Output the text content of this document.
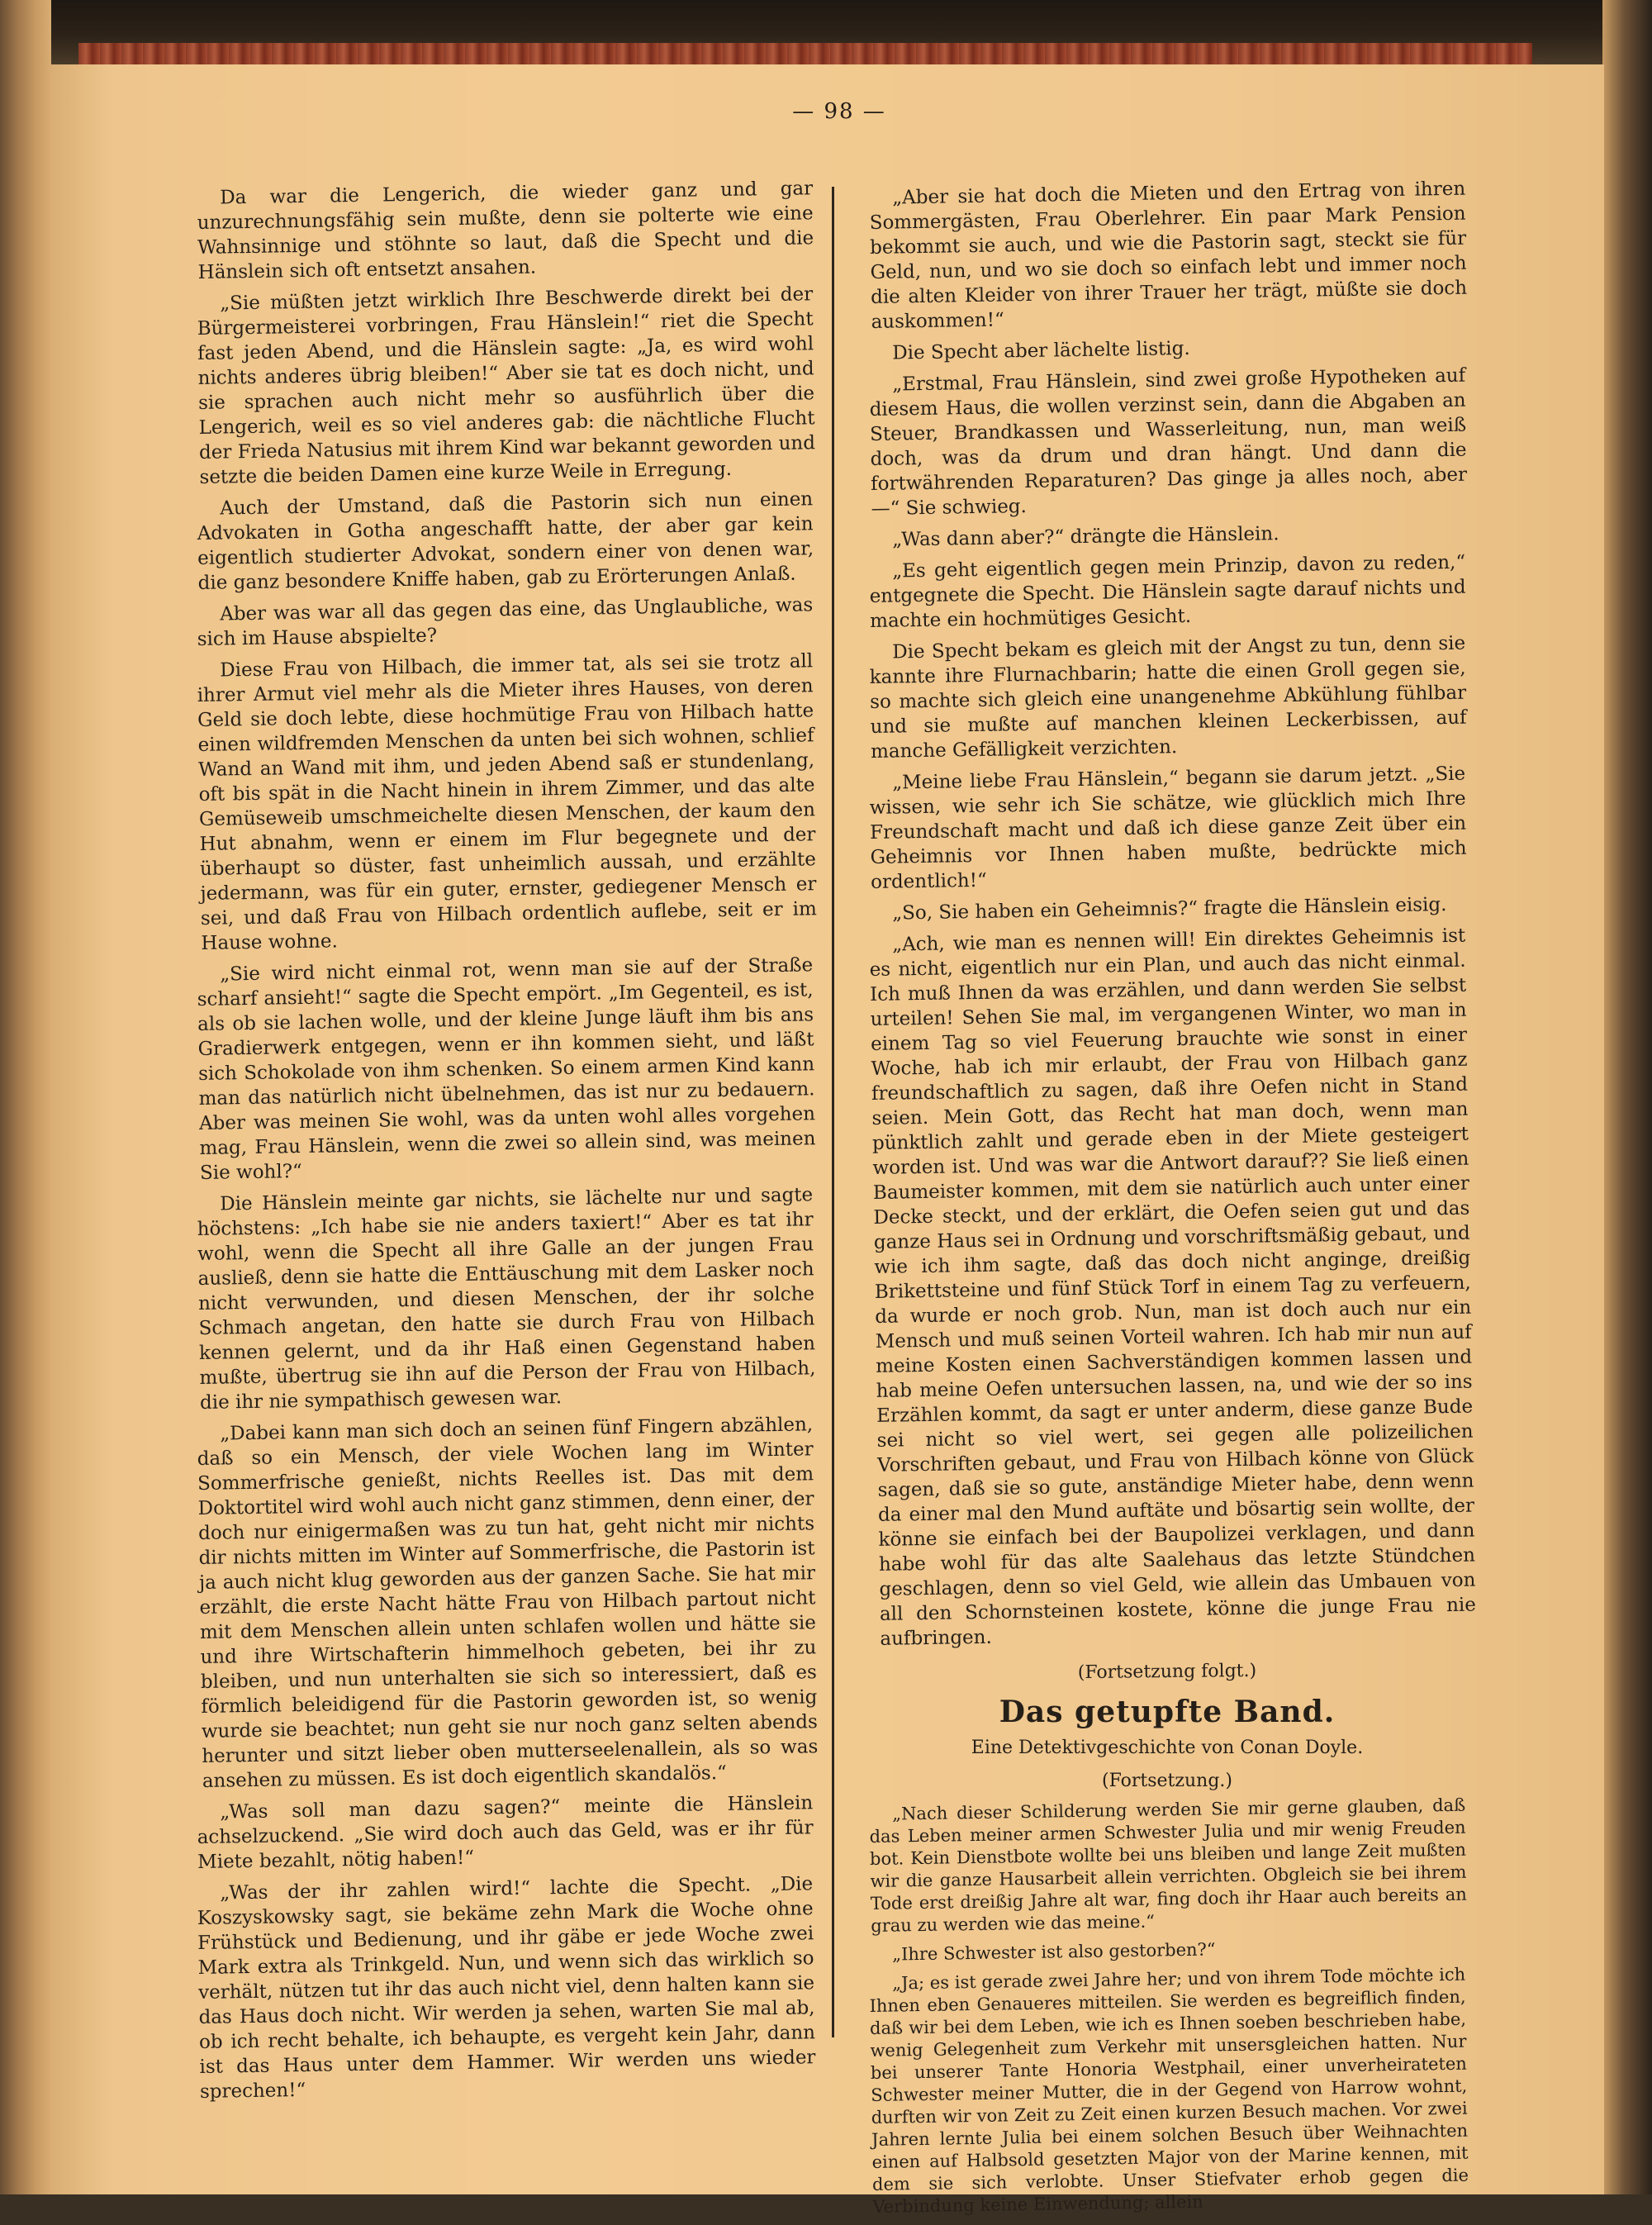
— 98 —

Da war die Lengerich, die wieder ganz und gar unzurechnungsfähig sein mußte, denn sie polterte wie eine Wahnsinnige und stöhnte so laut, daß die Specht und die Hänslein sich oft entsetzt ansahen.

„Sie müßten jetzt wirklich Ihre Beschwerde direkt bei der Bürgermeisterei vorbringen, Frau Hänslein!“ riet die Specht fast jeden Abend, und die Hänslein sagte: „Ja, es wird wohl nichts anderes übrig bleiben!“ Aber sie tat es doch nicht, und sie sprachen auch nicht mehr so ausführlich über die Lengerich, weil es so viel anderes gab: die nächtliche Flucht der Frieda Natusius mit ihrem Kind war bekannt geworden und setzte die beiden Damen eine kurze Weile in Erregung.

Auch der Umstand, daß die Pastorin sich nun einen Advokaten in Gotha angeschafft hatte, der aber gar kein eigentlich studierter Advokat, sondern einer von denen war, die ganz besondere Kniffe haben, gab zu Erörterungen Anlaß.

Aber was war all das gegen das eine, das Unglaubliche, was sich im Hause abspielte?

Diese Frau von Hilbach, die immer tat, als sei sie trotz all ihrer Armut viel mehr als die Mieter ihres Hauses, von deren Geld sie doch lebte, diese hochmütige Frau von Hilbach hatte einen wildfremden Menschen da unten bei sich wohnen, schlief Wand an Wand mit ihm, und jeden Abend saß er stundenlang, oft bis spät in die Nacht hinein in ihrem Zimmer, und das alte Gemüseweib umschmeichelte diesen Menschen, der kaum den Hut abnahm, wenn er einem im Flur begegnete und der überhaupt so düster, fast unheimlich aussah, und erzählte jedermann, was für ein guter, ernster, gediegener Mensch er sei, und daß Frau von Hilbach ordentlich auflebe, seit er im Hause wohne.

„Sie wird nicht einmal rot, wenn man sie auf der Straße scharf ansieht!“ sagte die Specht empört. „Im Gegenteil, es ist, als ob sie lachen wolle, und der kleine Junge läuft ihm bis ans Gradierwerk entgegen, wenn er ihn kommen sieht, und läßt sich Schokolade von ihm schenken. So einem armen Kind kann man das natürlich nicht übelnehmen, das ist nur zu bedauern. Aber was meinen Sie wohl, was da unten wohl alles vorgehen mag, Frau Hänslein, wenn die zwei so allein sind, was meinen Sie wohl?“

Die Hänslein meinte gar nichts, sie lächelte nur und sagte höchstens: „Ich habe sie nie anders taxiert!“ Aber es tat ihr wohl, wenn die Specht all ihre Galle an der jungen Frau ausließ, denn sie hatte die Enttäuschung mit dem Lasker noch nicht verwunden, und diesen Menschen, der ihr solche Schmach angetan, den hatte sie durch Frau von Hilbach kennen gelernt, und da ihr Haß einen Gegenstand haben mußte, übertrug sie ihn auf die Person der Frau von Hilbach, die ihr nie sympathisch gewesen war.

„Dabei kann man sich doch an seinen fünf Fingern abzählen, daß so ein Mensch, der viele Wochen lang im Winter Sommerfrische genießt, nichts Reelles ist. Das mit dem Doktortitel wird wohl auch nicht ganz stimmen, denn einer, der doch nur einigermaßen was zu tun hat, geht nicht mir nichts dir nichts mitten im Winter auf Sommerfrische, die Pastorin ist ja auch nicht klug geworden aus der ganzen Sache. Sie hat mir erzählt, die erste Nacht hätte Frau von Hilbach partout nicht mit dem Menschen allein unten schlafen wollen und hätte sie und ihre Wirtschafterin himmelhoch gebeten, bei ihr zu bleiben, und nun unterhalten sie sich so interessiert, daß es förmlich beleidigend für die Pastorin geworden ist, so wenig wurde sie beachtet; nun geht sie nur noch ganz selten abends herunter und sitzt lieber oben mutterseelenallein, als so was ansehen zu müssen. Es ist doch eigentlich skandalös.“

„Was soll man dazu sagen?“ meinte die Hänslein achselzuckend. „Sie wird doch auch das Geld, was er ihr für Miete bezahlt, nötig haben!“

„Was der ihr zahlen wird!“ lachte die Specht. „Die Koszyskowsky sagt, sie bekäme zehn Mark die Woche ohne Frühstück und Bedienung, und ihr gäbe er jede Woche zwei Mark extra als Trinkgeld. Nun, und wenn sich das wirklich so verhält, nützen tut ihr das auch nicht viel, denn halten kann sie das Haus doch nicht. Wir werden ja sehen, warten Sie mal ab, ob ich recht behalte, ich behaupte, es vergeht kein Jahr, dann ist das Haus unter dem Hammer. Wir werden uns wieder sprechen!“

„Aber sie hat doch die Mieten und den Ertrag von ihren Sommergästen, Frau Oberlehrer. Ein paar Mark Pension bekommt sie auch, und wie die Pastorin sagt, steckt sie für Geld, nun, und wo sie doch so einfach lebt und immer noch die alten Kleider von ihrer Trauer her trägt, müßte sie doch auskommen!“

Die Specht aber lächelte listig.

„Erstmal, Frau Hänslein, sind zwei große Hypotheken auf diesem Haus, die wollen verzinst sein, dann die Abgaben an Steuer, Brandkassen und Wasserleitung, nun, man weiß doch, was da drum und dran hängt. Und dann die fortwährenden Reparaturen? Das ginge ja alles noch, aber —“ Sie schwieg.

„Was dann aber?“ drängte die Hänslein.

„Es geht eigentlich gegen mein Prinzip, davon zu reden,“ entgegnete die Specht. Die Hänslein sagte darauf nichts und machte ein hochmütiges Gesicht.

Die Specht bekam es gleich mit der Angst zu tun, denn sie kannte ihre Flurnachbarin; hatte die einen Groll gegen sie, so machte sich gleich eine unangenehme Abkühlung fühlbar und sie mußte auf manchen kleinen Leckerbissen, auf manche Gefälligkeit verzichten.

„Meine liebe Frau Hänslein,“ begann sie darum jetzt. „Sie wissen, wie sehr ich Sie schätze, wie glücklich mich Ihre Freundschaft macht und daß ich diese ganze Zeit über ein Geheimnis vor Ihnen haben mußte, bedrückte mich ordentlich!“

„So, Sie haben ein Geheimnis?“ fragte die Hänslein eisig.

„Ach, wie man es nennen will! Ein direktes Geheimnis ist es nicht, eigentlich nur ein Plan, und auch das nicht einmal. Ich muß Ihnen da was erzählen, und dann werden Sie selbst urteilen! Sehen Sie mal, im vergangenen Winter, wo man in einem Tag so viel Feuerung brauchte wie sonst in einer Woche, hab ich mir erlaubt, der Frau von Hilbach ganz freundschaftlich zu sagen, daß ihre Oefen nicht in Stand seien. Mein Gott, das Recht hat man doch, wenn man pünktlich zahlt und gerade eben in der Miete gesteigert worden ist. Und was war die Antwort darauf?? Sie ließ einen Baumeister kommen, mit dem sie natürlich auch unter einer Decke steckt, und der erklärt, die Oefen seien gut und das ganze Haus sei in Ordnung und vorschriftsmäßig gebaut, und wie ich ihm sagte, daß das doch nicht anginge, dreißig Brikettsteine und fünf Stück Torf in einem Tag zu verfeuern, da wurde er noch grob. Nun, man ist doch auch nur ein Mensch und muß seinen Vorteil wahren. Ich hab mir nun auf meine Kosten einen Sachverständigen kommen lassen und hab meine Oefen untersuchen lassen, na, und wie der so ins Erzählen kommt, da sagt er unter anderm, diese ganze Bude sei nicht so viel wert, sei gegen alle polizeilichen Vorschriften gebaut, und Frau von Hilbach könne von Glück sagen, daß sie so gute, anständige Mieter habe, denn wenn da einer mal den Mund auftäte und bösartig sein wollte, der könne sie einfach bei der Baupolizei verklagen, und dann habe wohl für das alte Saalehaus das letzte Stündchen geschlagen, denn so viel Geld, wie allein das Umbauen von all den Schornsteinen kostete, könne die junge Frau nie aufbringen.

(Fortsetzung folgt.)
Das getupfte Band.
Eine Detektivgeschichte von Conan Doyle.
(Fortsetzung.)

„Nach dieser Schilderung werden Sie mir gerne glauben, daß das Leben meiner armen Schwester Julia und mir wenig Freuden bot. Kein Dienstbote wollte bei uns bleiben und lange Zeit mußten wir die ganze Hausarbeit allein verrichten. Obgleich sie bei ihrem Tode erst dreißig Jahre alt war, fing doch ihr Haar auch bereits an grau zu werden wie das meine.“

„Ihre Schwester ist also gestorben?“

„Ja; es ist gerade zwei Jahre her; und von ihrem Tode möchte ich Ihnen eben Genaueres mitteilen. Sie werden es begreiflich finden, daß wir bei dem Leben, wie ich es Ihnen soeben beschrieben habe, wenig Gelegenheit zum Verkehr mit unsersgleichen hatten. Nur bei unserer Tante Honoria Westphail, einer unverheirateten Schwester meiner Mutter, die in der Gegend von Harrow wohnt, durften wir von Zeit zu Zeit einen kurzen Besuch machen. Vor zwei Jahren lernte Julia bei einem solchen Besuch über Weihnachten einen auf Halbsold gesetzten Major von der Marine kennen, mit dem sie sich verlobte. Unser Stiefvater erhob gegen die Verbindung keine Einwendung; allein
